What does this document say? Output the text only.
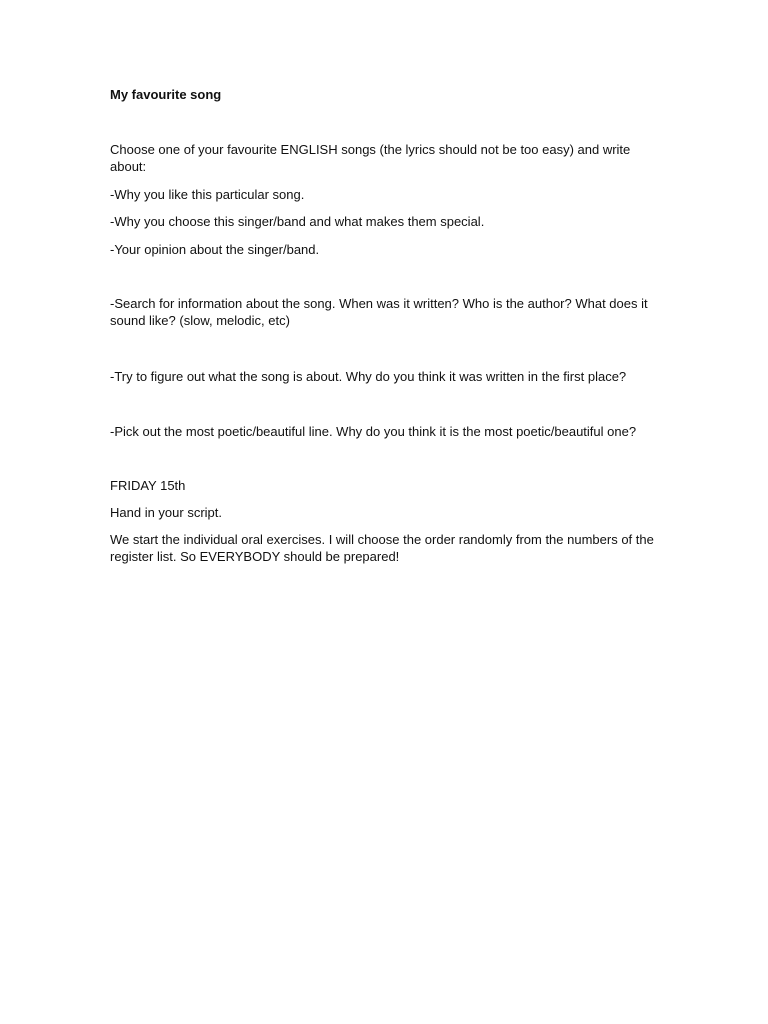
My favourite song

Choose one of your favourite ENGLISH songs (the lyrics should not be too easy) and write about:

-Why you like this particular song.

-Why you choose this singer/band and what makes them special.

-Your opinion about the singer/band.

-Search for information about the song. When was it written? Who is the author? What does it sound like? (slow, melodic, etc)

-Try to figure out what the song is about. Why do you think it was written in the first place?

-Pick out the most poetic/beautiful line. Why do you think it is the most poetic/beautiful one?

FRIDAY 15th

Hand in your script.

We start the individual oral exercises. I will choose the order randomly from the numbers of the register list. So EVERYBODY should be prepared!
